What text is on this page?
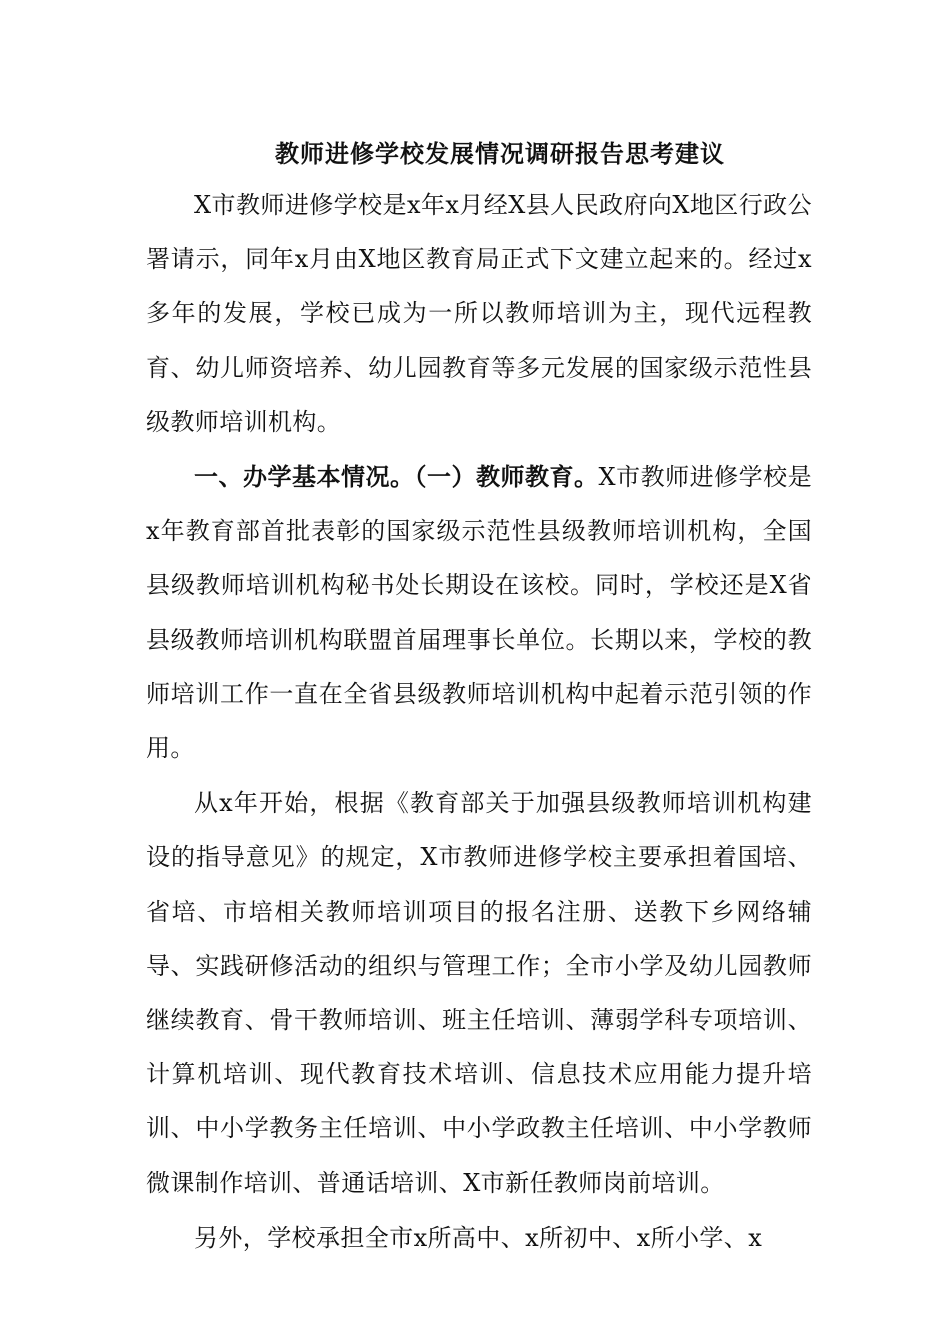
教师进修学校发展情况调研报告思考建议

X市教师进修学校是x年x月经X县人民政府向X地区行政公署请示，同年x月由X地区教育局正式下文建立起来的。经过x多年的发展，学校已成为一所以教师培训为主，现代远程教育、幼儿师资培养、幼儿园教育等多元发展的国家级示范性县级教师培训机构。

一、办学基本情况。（一）教师教育。X市教师进修学校是x年教育部首批表彰的国家级示范性县级教师培训机构，全国县级教师培训机构秘书处长期设在该校。同时，学校还是X省县级教师培训机构联盟首届理事长单位。长期以来，学校的教师培训工作一直在全省县级教师培训机构中起着示范引领的作用。

从x年开始，根据《教育部关于加强县级教师培训机构建设的指导意见》的规定，X市教师进修学校主要承担着国培、省培、市培相关教师培训项目的报名注册、送教下乡网络辅导、实践研修活动的组织与管理工作；全市小学及幼儿园教师继续教育、骨干教师培训、班主任培训、薄弱学科专项培训、计算机培训、现代教育技术培训、信息技术应用能力提升培训、中小学教务主任培训、中小学政教主任培训、中小学教师微课制作培训、普通话培训、X市新任教师岗前培训。

另外，学校承担全市x所高中、x所初中、x所小学、x
